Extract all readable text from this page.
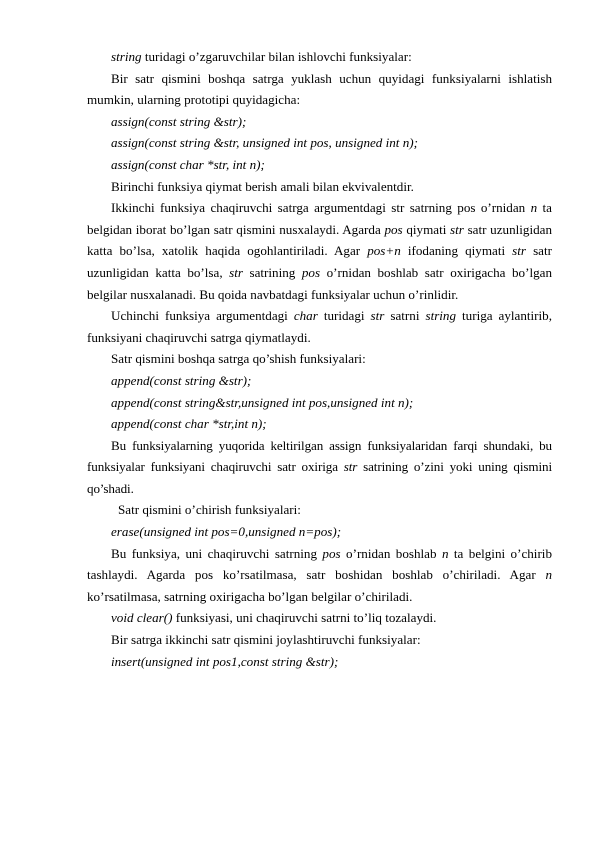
string turidagi o’zgaruvchilar bilan ishlovchi funksiyalar:

Bir satr qismini boshqa satrga yuklash uchun quyidagi funksiyalarni ishlatish mumkin, ularning prototipi quyidagicha:

assign(const string &str);

assign(const string &str, unsigned int pos, unsigned int n);

assign(const char *str, int n);

Birinchi funksiya qiymat berish amali bilan ekvivalentdir.

Ikkinchi funksiya chaqiruvchi satrga argumentdagi str satrning pos o’rnidan n ta belgidan iborat bo’lgan satr qismini nusxalaydi. Agarda pos qiymati str satr uzunligidan katta bo’lsa, xatolik haqida ogohlantiriladi. Agar pos+n ifodaning qiymati str satr uzunligidan katta bo’lsa, str satrining pos o’rnidan boshlab satr oxirigacha bo’lgan belgilar nusxalanadi. Bu qoida navbatdagi funksiyalar uchun o’rinlidir.

Uchinchi funksiya argumentdagi char turidagi str satrni string turiga aylantirib, funksiyani chaqiruvchi satrga qiymatlaydi.

Satr qismini boshqa satrga qo’shish funksiyalari:

append(const string &str);

append(const string&str,unsigned int pos,unsigned int n);

append(const char *str,int n);

Bu funksiyalarning yuqorida keltirilgan assign funksiyalaridan farqi shundaki, bu funksiyalar funksiyani chaqiruvchi satr oxiriga str satrining o’zini yoki uning qismini qo’shadi.

Satr qismini o’chirish funksiyalari:

erase(unsigned int pos=0,unsigned n=pos);

Bu funksiya, uni chaqiruvchi satrning pos o’rnidan boshlab n ta belgini o’chirib tashlaydi. Agarda pos ko’rsatilmasa, satr boshidan boshlab o’chiriladi. Agar n ko’rsatilmasa, satrning oxirigacha bo’lgan belgilar o’chiriladi.

void clear() funksiyasi, uni chaqiruvchi satrni to’liq tozalaydi.

Bir satrga ikkinchi satr qismini joylashtiruvchi funksiyalar:

insert(unsigned int pos1,const string &str);
